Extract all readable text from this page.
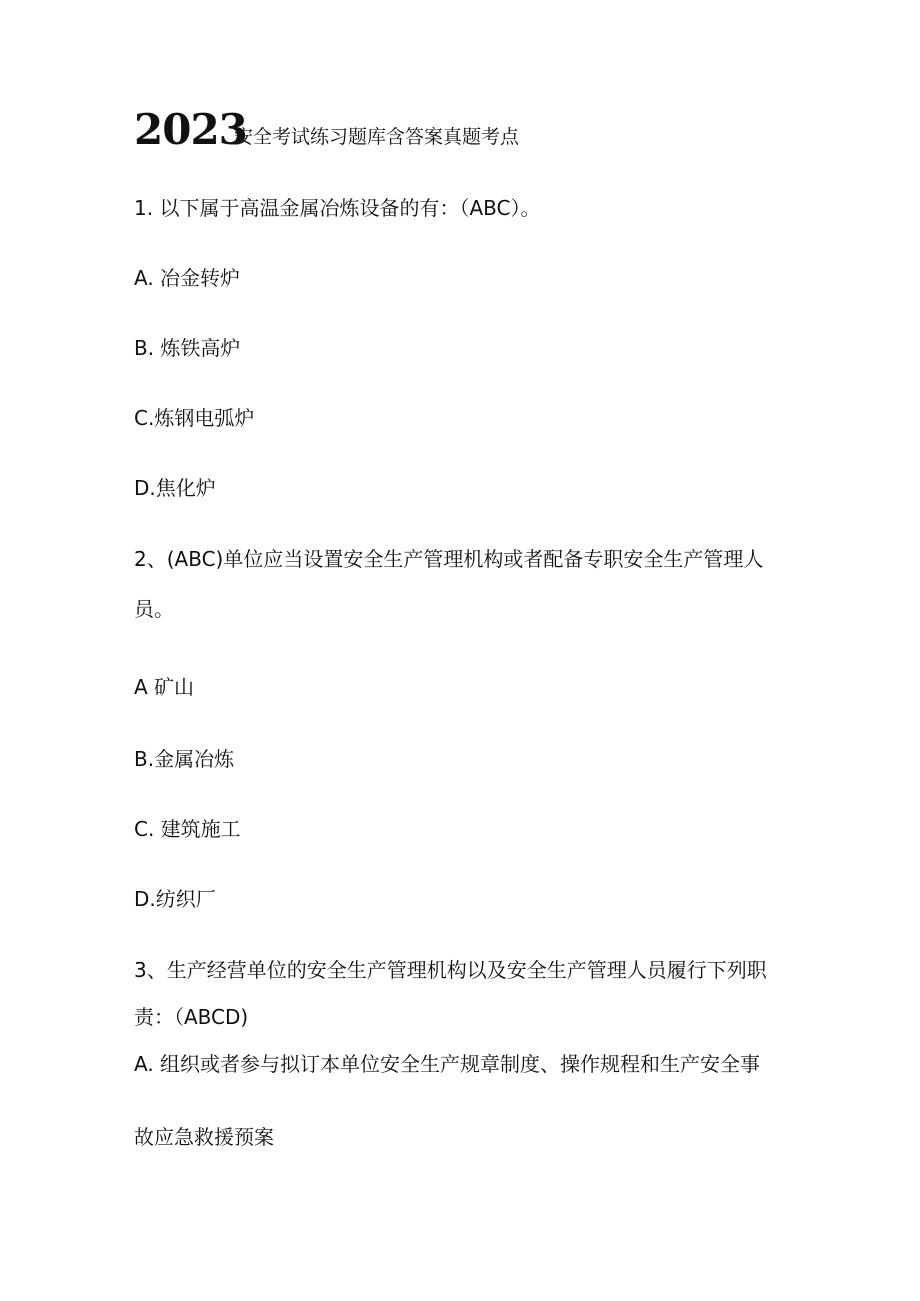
2023
安全考试练习题库含答案真题考点
1. 以下属于高温金属冶炼设备的有：（ABC）。
A. 冶金转炉
B. 炼铁高炉
C.炼钢电弧炉
D.焦化炉
2、(ABC)单位应当设置安全生产管理机构或者配备专职安全生产管理人
员。
A 矿山
B.金属冶炼
C. 建筑施工
D.纺织厂
3、生产经营单位的安全生产管理机构以及安全生产管理人员履行下列职
责：（ABCD)
A. 组织或者参与拟订本单位安全生产规章制度、操作规程和生产安全事
故应急救援预案
